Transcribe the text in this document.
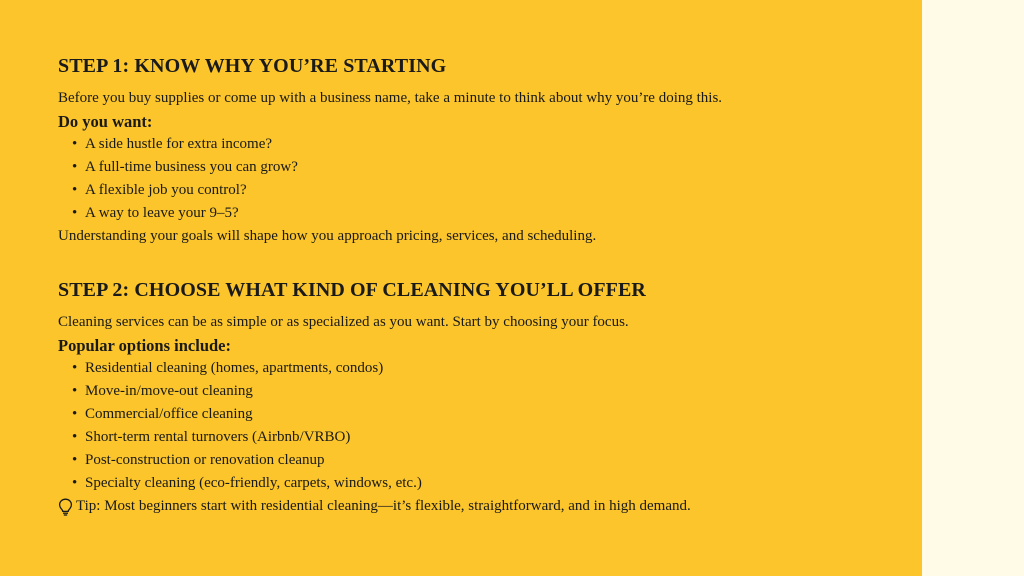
STEP 1: KNOW WHY YOU’RE STARTING

Before you buy supplies or come up with a business name, take a minute to think about why you’re doing this.

Do you want:
• A side hustle for extra income?
• A full-time business you can grow?
• A flexible job you control?
• A way to leave your 9–5?

Understanding your goals will shape how you approach pricing, services, and scheduling.

STEP 2: CHOOSE WHAT KIND OF CLEANING YOU’LL OFFER

Cleaning services can be as simple or as specialized as you want. Start by choosing your focus.

Popular options include:
• Residential cleaning (homes, apartments, condos)
• Move-in/move-out cleaning
• Commercial/office cleaning
• Short-term rental turnovers (Airbnb/VRBO)
• Post-construction or renovation cleanup
• Specialty cleaning (eco-friendly, carpets, windows, etc.)

Tip: Most beginners start with residential cleaning—it’s flexible, straightforward, and in high demand.
